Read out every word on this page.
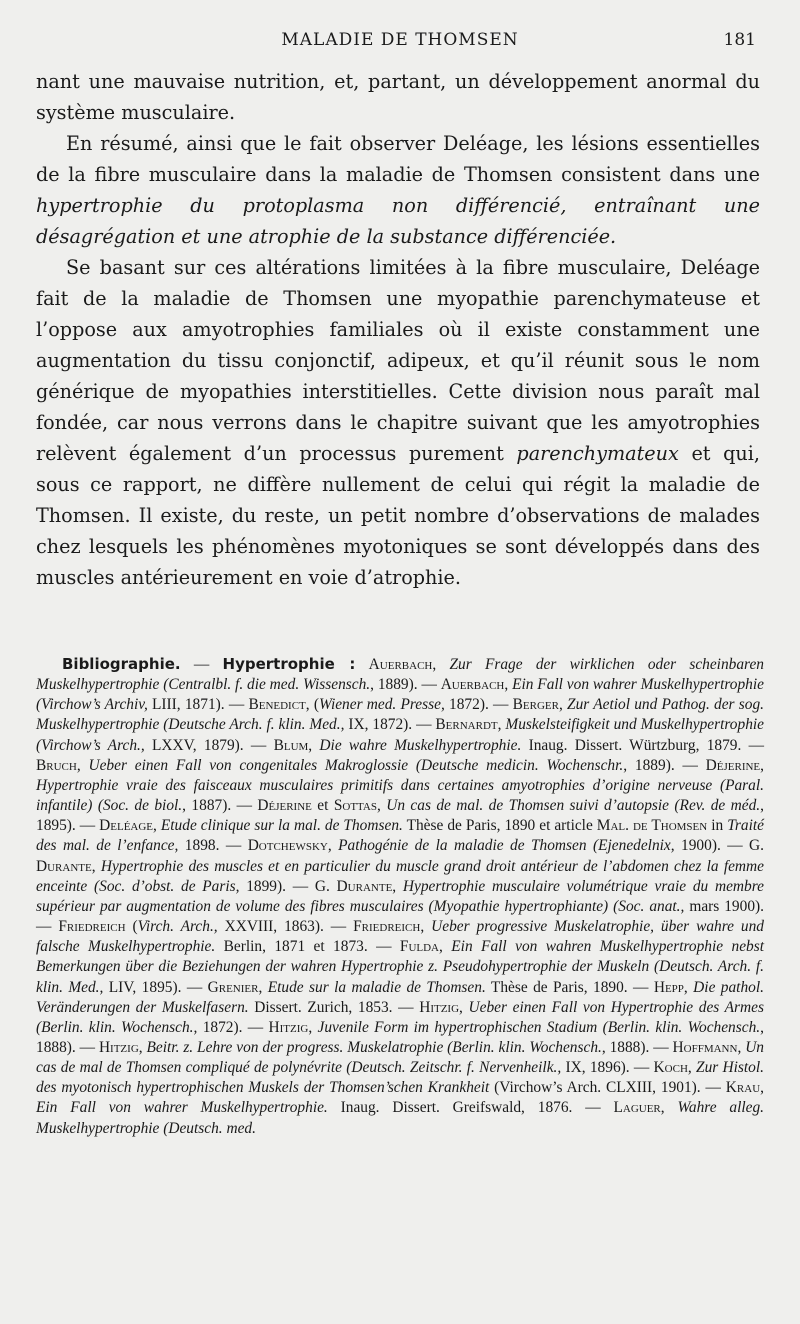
MALADIE DE THOMSEN	181

nant une mauvaise nutrition, et, partant, un développement anormal du système musculaire.

En résumé, ainsi que le fait observer Deléage, les lésions essentielles de la fibre musculaire dans la maladie de Thomsen consistent dans une hypertrophie du protoplasma non différencié, entraînant une désagrégation et une atrophie de la substance différenciée.

Se basant sur ces altérations limitées à la fibre musculaire, Deléage fait de la maladie de Thomsen une myopathie parenchymateuse et l’oppose aux amyotrophies familiales où il existe constamment une augmentation du tissu conjonctif, adipeux, et qu’il réunit sous le nom générique de myopathies interstitielles. Cette division nous paraît mal fondée, car nous verrons dans le chapitre suivant que les amyotrophies relèvent également d’un processus purement parenchymateux et qui, sous ce rapport, ne diffère nullement de celui qui régit la maladie de Thomsen. Il existe, du reste, un petit nombre d’observations de malades chez lesquels les phénomènes myotoniques se sont développés dans des muscles antérieurement en voie d’atrophie.

Bibliographie. — Hypertrophie : Auerbach, Zur Frage der wirklichen oder scheinbaren Muskelhypertrophie (Centralbl. f. die med. Wissensch., 1889). — Auerbach, Ein Fall von wahrer Muskelhypertrophie (Virchow’s Archiv, LIII, 1871). — Benedict, (Wiener med. Presse, 1872). — Berger, Zur Aetiol und Pathog. der sog. Muskelhypertrophie (Deutsche Arch. f. klin. Med., IX, 1872). — Bernardt, Muskelsteifigkeit und Muskelhypertrophie (Virchow’s Arch., LXXV, 1879). — Blum, Die wahre Muskelhypertrophie. Inaug. Dissert. Würtzburg, 1879. — Bruch, Ueber einen Fall von congenitales Makroglossie (Deutsche medicin. Wochenschr., 1889). — Déjerine, Hypertrophie vraie des faisceaux musculaires primitifs dans certaines amyotrophies d’origine nerveuse (Paral. infantile) (Soc. de biol., 1887). — Déjerine et Sottas, Un cas de mal. de Thomsen suivi d’autopsie (Rev. de méd., 1895). — Deléage, Etude clinique sur la mal. de Thomsen. Thèse de Paris, 1890 et article Mal. de Thomsen in Traité des mal. de l’enfance, 1898. — Dotchewsky, Pathogénie de la maladie de Thomsen (Ejenedelnix, 1900). — G. Durante, Hypertrophie des muscles et en particulier du muscle grand droit antérieur de l’abdomen chez la femme enceinte (Soc. d’obst. de Paris, 1899). — G. Durante, Hypertrophie musculaire volumétrique vraie du membre supérieur par augmentation de volume des fibres musculaires (Myopathie hypertrophiante) (Soc. anat., mars 1900). — Friedreich (Virch. Arch., XXVIII, 1863). — Friedreich, Ueber progressive Muskelatrophie, über wahre und falsche Muskelhypertrophie. Berlin, 1871 et 1873. — Fulda, Ein Fall von wahren Muskelhypertrophie nebst Bemerkungen über die Beziehungen der wahren Hypertrophie z. Pseudohypertrophie der Muskeln (Deutsch. Arch. f. klin. Med., LIV, 1895). — Grenier, Etude sur la maladie de Thomsen. Thèse de Paris, 1890. — Hepp, Die pathol. Veränderungen der Muskelfasern. Dissert. Zurich, 1853. — Hitzig, Ueber einen Fall von Hypertrophie des Armes (Berlin. klin. Wochensch., 1872). — Hitzig, Juvenile Form im hypertrophischen Stadium (Berlin. klin. Wochensch., 1888). — Hitzig, Beitr. z. Lehre von der progress. Muskelatrophie (Berlin. klin. Wochensch., 1888). — Hoffmann, Un cas de mal de Thomsen compliqué de polynévrite (Deutsch. Zeitschr. f. Nervenheilk., IX, 1896). — Koch, Zur Histol. des myotonisch hypertrophischen Muskels der Thomsen’schen Krankheit (Virchow’s Arch. CLXIII, 1901). — Krau, Ein Fall von wahrer Muskelhypertrophie. Inaug. Dissert. Greifswald, 1876. — Laguer, Wahre alleg. Muskelhypertrophie (Deutsch. med.
